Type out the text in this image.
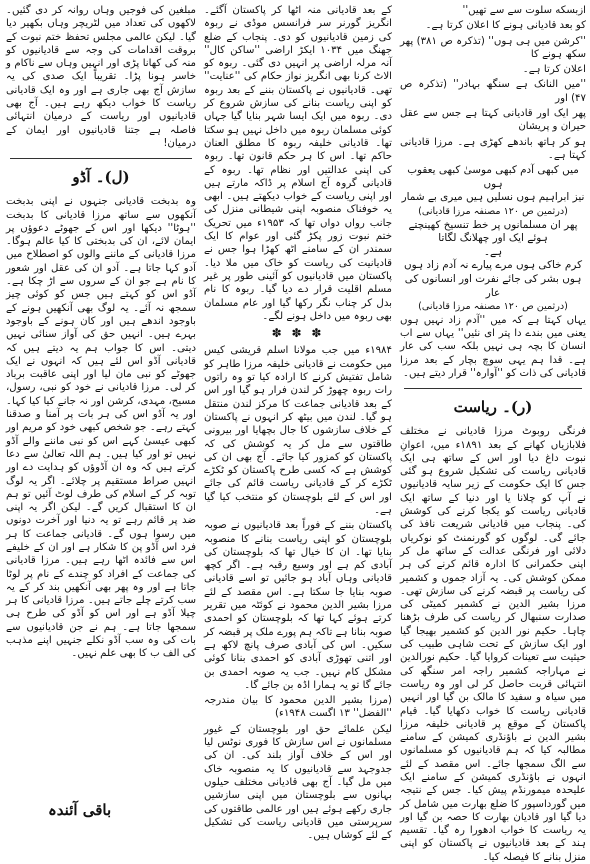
ازبسکه سلوت سے سے تھیں''

کو بعد قادیانی ہونے کا اعلان کرتا ہے۔

''کرشن میں ہی ہوں'' (تذکرہ ص ۳۸۱) پھر سکھ ہونے کا

اعلان کرتا ہے۔

''میں النانک ہے سنگھ بہادر'' (تذکرہ ص ۴۷) اور

پھر ایک اور قادیانی کہتا ہے جس سے عقل حیران و پریشان

ہو کر ہاتھ باندھے کھڑی ہے۔ مرزا قادیانی کہتا ہے۔

میں کبھی آدم کبھی موسیٰ کبھی یعقوب ہوں
نیز ابراہیم ہوں نسلیں ہیں میری بے شمار
(درثمین ص ۱۲۰ مصنفہ مرزا قادیانی)
پھر ان مسلمانوں پر خط تنسیخ کھینچتے ہوئے ایک اور چھلانگ لگاتا
ہے۔
کرم خاکی ہوں مرے پیارے نہ آدم زاد ہوں
ہوں بشر کی جائے نفرت اور انسانوں کی عار
(درثمین ص ۱۲۰ مصنفہ مرزا قادیانی)

یہاں کہتا ہے کہ میں ''آدم زاد نہیں ہوں یعنی میں بندے دا پتر ای نئیں'' یہاں سے اب انسان کا بچہ ہی نہیں بلکہ سب کی عار ہے۔ قدا ہم یہی سوچ بچار کے بعد مرزا قادیانی کی ذات کو ''آوارہ'' قرار دیتے ہیں۔

(ر)۔ ریاست

فرنگی روبوٹ مرزا قادیانی نے مختلف فلابازیاں کھانے کے بعد ۱۸۹۱ء میں، اعوانِ نبوت داغ دیا اور اس کے ساتھ ہی ایک قادیانی ریاست کی تشکیل شروع ہو گئی جس کا ایک حکومت کے زیر سایہ قادیانیوں نے آپ کو چلانا یا اور دنیا کے ساتھ ایک قادیانی ریاست کو یکجا کرنے کی کوشش کی۔ پنجاب میں قادیانی شریعت نافذ کی جائے گی۔ لوگوں کو گورنمنٹ کو نوکریاں دلائی اور فرنگی عدالت کے ساتھ مل کر اپنی حکمرانی کا ادارہ قائم کرنے کی ہر ممکن کوشش کی۔ یہ آزاد جموں و کشمیر کی ریاست پر قبضہ کرنے کی سازش تھی۔ مرزا بشیر الدین نے کشمیر کمیٹی کی صدارت سنبھال کر ریاست کی طرف بڑھنا چاہا۔ حکیم نور الدین کو کشمیر بھیجا گیا اور ایک سازش کے تحت شاہی طبیب کی حیثیت سے تعینات کروایا گیا۔ حکیم نورالدین نے مہاراجہ کشمیر راجہ امر سنگھ کی انتہائی قربت حاصل کر لی اور وہ ریاست میں سیاہ و سفید کا مالک بن گیا اور انہیں قادیانی ریاست کا خواب دکھایا گیا۔ قیام پاکستان کے موقع پر قادیانی خلیفہ مرزا بشیر الدین نے باؤنڈری کمیشن کے سامنے مطالبہ کیا کہ ہم قادیانیوں کو مسلمانوں سے الگ سمجھا جائے۔ اس مقصد کے لئے انہوں نے باؤنڈری کمیشن کے سامنے ایک علیحدہ میمورنڈم پیش کیا۔ جس کے نتیجہ میں گورداسپور کا ضلع بھارت میں شامل کر دیا گیا اور قادیان بھارت کا حصہ بن گیا اور یہ ریاست کا خواب ادھورا رہ گیا۔ تقسیم ہند کے بعد قادیانیوں نے پاکستان کو اپنی منزل بنانے کا فیصلہ کیا۔

کے بعد قادیانی منہ اٹھا کر پاکستان آگئے۔ انگریز گورنر سر فرانسس موڈی نے ربوہ کی زمین قادیانیوں کو دی۔ پنجاب کے ضلع جھنگ میں ۱۰۳۴ ایکڑ اراضی ''ساکن کال'' آنہ مرلہ اراضی پر انہیں دی گئی۔ ربوہ کو الاٹ کرنا بھی انگریز نواز حکام کی ''عنایت'' تھی۔ قادیانیوں نے پاکستان بننے کے بعد ربوہ کو اپنی ریاست بنانے کی سازش شروع کر دی۔ ربوہ میں ایک ایسا شہر بنایا گیا جہاں کوئی مسلمان ربوہ میں داخل نہیں ہو سکتا تھا۔ قادیانی خلیفہ ربوہ کا مطلق العنان حاکم تھا۔ اس کا ہر حکم قانون تھا۔ ربوہ کی اپنی عدالتیں اور نظام تھا۔ ربوہ کے قادیانی گروہ آج اسلام پر ڈاکہ مارتے ہیں اور اپنی ریاست کے خواب دیکھتے ہیں۔ ابھی یہ خوفناک منصوبہ اپنی شیطانی منزل کی جانب رواں دواں تھا کہ ۱۹۵۳ء میں تحریک ختم نبوت زور پکڑ گئی اور عوام کا ایک سمندر ان کے سامنے اٹھ کھڑا ہوا جس نے قادیانیت کی ریاست کو خاک میں ملا دیا۔ پاکستان میں قادیانیوں کو آئینی طور پر غیر مسلم اقلیت قرار دے دیا گیا۔ ربوہ کا نام بدل کر چناب نگر رکھا گیا اور عام مسلمان بھی ربوہ میں داخل ہونے لگے۔

✽ ✽ ✽

۱۹۸۴ء میں جب مولانا اسلم قریشی کیس میں حکومت نے قادیانی خلیفہ مرزا طاہر کو شامل تفتیش کرنے کا ارادہ کیا تو وہ راتوں رات ربوہ چھوڑ کر لندن فرار ہو گیا اور اس کے بعد قادیانی جماعت کا مرکز لندن منتقل ہو گیا۔ لندن میں بیٹھ کر انہوں نے پاکستان کے خلاف سازشوں کا جال بچھایا اور بیرونی طاقتوں سے مل کر یہ کوشش کی کہ پاکستان کو کمزور کیا جائے۔ آج بھی ان کی کوشش ہے کہ کسی طرح پاکستان کو ٹکڑے ٹکڑے کر کے قادیانی ریاست قائم کی جائے اور اس کے لئے بلوچستان کو منتخب کیا گیا ہے۔

پاکستان بننے کے فوراً بعد قادیانیوں نے صوبہ بلوچستان کو اپنی ریاست بنانے کا منصوبہ بنایا تھا۔ ان کا خیال تھا کہ بلوچستان کی آبادی کم ہے اور وسیع رقبہ ہے۔ اگر کچھ قادیانی وہاں آباد ہو جائیں تو اسے قادیانی صوبہ بنایا جا سکتا ہے۔ اس مقصد کے لئے مرزا بشیر الدین محمود نے کوئٹہ میں تقریر کرتے ہوئے کہا تھا کہ بلوچستان کو احمدی صوبہ بنانا ہے تاکہ ہم پورے ملک پر قبضہ کر سکیں۔ اس کی آبادی صرف پانچ لاکھ ہے اور اتنی تھوڑی آبادی کو احمدی بنانا کوئی مشکل کام نہیں۔ جب یہ صوبہ احمدی بن جائے گا تو یہ ہمارا اڈہ بن جائے گا۔

(مرزا بشیر الدین محمود کا بیان مندرجہ ''الفضل'' ۱۳ اگست ۱۹۴۸ء)

لیکن علمائے حق اور بلوچستان کے غیور مسلمانوں نے اس سازش کا فوری نوٹس لیا اور اس کے خلاف آواز بلند کی۔ ان کی جدوجہد سے قادیانیوں کا یہ منصوبہ خاک میں مل گیا۔ آج بھی قادیانی مختلف حیلوں بہانوں سے بلوچستان میں اپنی سازشیں جاری رکھے ہوئے ہیں اور عالمی طاقتوں کی سرپرستی میں قادیانی ریاست کی تشکیل کے لئے کوشاں ہیں۔

مبلغین کی فوجیں وہاں روانہ کر دی گئیں۔ لاکھوں کی تعداد میں لٹریچر وہاں بکھیر دیا گیا۔ لیکن عالمی مجلس تحفظ ختم نبوت کے بروقت اقدامات کی وجہ سے قادیانیوں کو منہ کی کھانا پڑی اور انہیں وہاں سے ناکام و خاسر ہونا پڑا۔ تقریباً ایک صدی کی یہ سازش آج بھی جاری ہے اور وہ ایک قادیانی ریاست کا خواب دیکھ رہے ہیں۔ آج بھی قادیانیوں اور ریاست کے درمیان انتہائی فاصلہ ہے جتنا قادیانیوں اور ایمان کے درمیان!

(ل)۔ آڈو

وہ بدبخت قادیانی جنہوں نے اپنی بدبخت آنکھوں سے ساتھ مرزا قادیانی کا بدبخت ''ہوٹا'' دیکھا اور اس کے جھوٹے دعوؤں پر ایمان لائے، ان کی بدبختی کا کیا عالم ہوگا۔ مرزا قادیانی کے ماننے والوں کو اصطلاح میں آدو کہا جاتا ہے۔ آدو ان کی عقل اور شعور کا نام ہے جو ان کے سروں سے اڑ چکا ہے۔ آڈو اس کو کہتے ہیں جس کو کوئی چیز سمجھ نہ آئے۔ یہ لوگ بھی آنکھیں ہونے کے باوجود اندھے ہیں اور کان ہونے کے باوجود بہرے ہیں۔ انہیں حق کی آواز سنائی نہیں دیتی۔ اس کا جواب ہم یہ دیتے ہیں کہ قادیانی آڈو اس لئے ہیں کہ انہوں نے ایک جھوٹے کو نبی مان لیا اور اپنی عاقبت برباد کر لی۔ مرزا قادیانی نے خود کو نبی، رسول، مسیح، مہدی، کرشن اور نہ جانے کیا کیا کہا۔ اور یہ آڈو اس کی ہر بات پر آمنا و صدقنا کہتے رہے۔ جو شخص کبھی خود کو مریم اور کبھی عیسیٰ کہے اس کو نبی ماننے والے آڈو نہیں تو اور کیا ہیں۔ ہم اللہ تعالیٰ سے دعا کرتے ہیں کہ وہ ان آڈوؤں کو ہدایت دے اور انہیں صراط مستقیم پر چلائے۔ اگر یہ لوگ توبہ کر کے اسلام کی طرف لوٹ آئیں تو ہم ان کا استقبال کریں گے۔ لیکن اگر یہ اپنی ضد پر قائم رہے تو یہ دنیا اور آخرت دونوں میں رسوا ہوں گے۔ قادیانی جماعت کا ہر فرد اس آڈو پن کا شکار ہے اور ان کے خلیفے اس سے فائدہ اٹھا رہے ہیں۔ مرزا قادیانی کی جماعت کے افراد کو چندے کے نام پر لوٹا جاتا ہے اور وہ پھر بھی آنکھیں بند کر کے یہ سب کرتے چلے جاتے ہیں۔ مرزا قادیانی کا ہر چیلا آڈو ہے اور اس کو آڈو کی طرح ہی سمجھا جاتا ہے۔ ہم نے جن قادیانیوں سے بات کی وہ سب آڈو نکلے جنہیں اپنے مذہب کی الف ب کا بھی علم نہیں۔

باقی آئندہ
